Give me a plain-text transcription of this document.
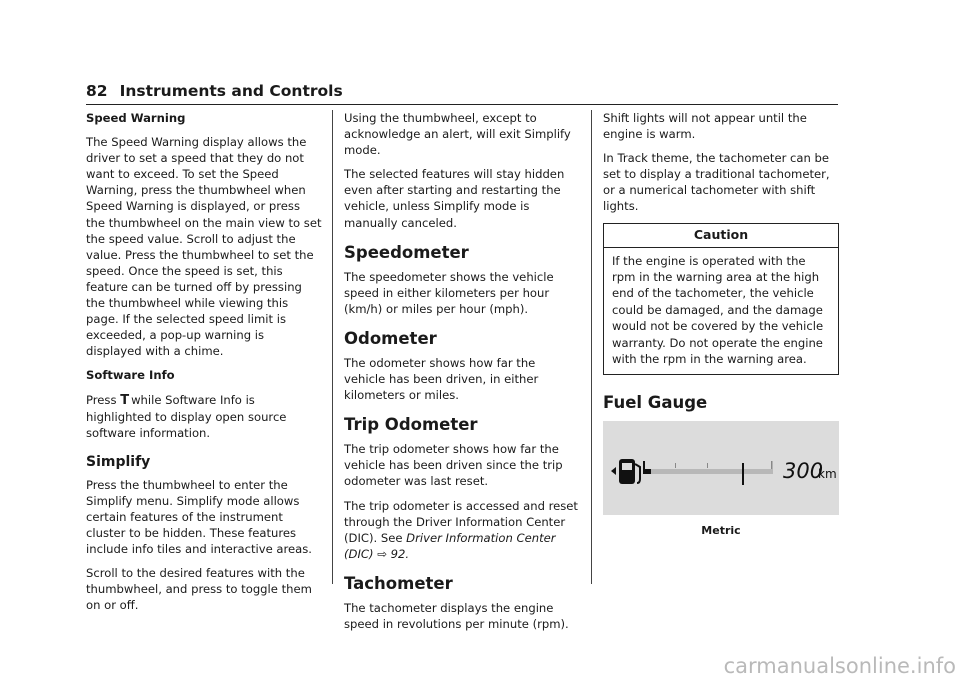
82 Instruments and Controls

Speed Warning

The Speed Warning display allows the driver to set a speed that they do not want to exceed. To set the Speed Warning, press the thumbwheel when Speed Warning is displayed, or press the thumbwheel on the main view to set the speed value. Scroll to adjust the value. Press the thumbwheel to set the speed. Once the speed is set, this feature can be turned off by pressing the thumbwheel while viewing this page. If the selected speed limit is exceeded, a pop-up warning is displayed with a chime.

Software Info

Press T while Software Info is highlighted to display open source software information.

Simplify

Press the thumbwheel to enter the Simplify menu. Simplify mode allows certain features of the instrument cluster to be hidden. These features include info tiles and interactive areas.

Scroll to the desired features with the thumbwheel, and press to toggle them on or off.

Using the thumbwheel, except to acknowledge an alert, will exit Simplify mode.

The selected features will stay hidden even after starting and restarting the vehicle, unless Simplify mode is manually canceled.

Speedometer

The speedometer shows the vehicle speed in either kilometers per hour (km/h) or miles per hour (mph).

Odometer

The odometer shows how far the vehicle has been driven, in either kilometers or miles.

Trip Odometer

The trip odometer shows how far the vehicle has been driven since the trip odometer was last reset.

The trip odometer is accessed and reset through the Driver Information Center (DIC). See Driver Information Center (DIC) ⇨ 92.

Tachometer

The tachometer displays the engine speed in revolutions per minute (rpm).

Shift lights will not appear until the engine is warm.

In Track theme, the tachometer can be set to display a traditional tachometer, or a numerical tachometer with shift lights.

Caution
If the engine is operated with the rpm in the warning area at the high end of the tachometer, the vehicle could be damaged, and the damage would not be covered by the vehicle warranty. Do not operate the engine with the rpm in the warning area.
Fuel Gauge
300
km
Metric
carmanualsonline.info
